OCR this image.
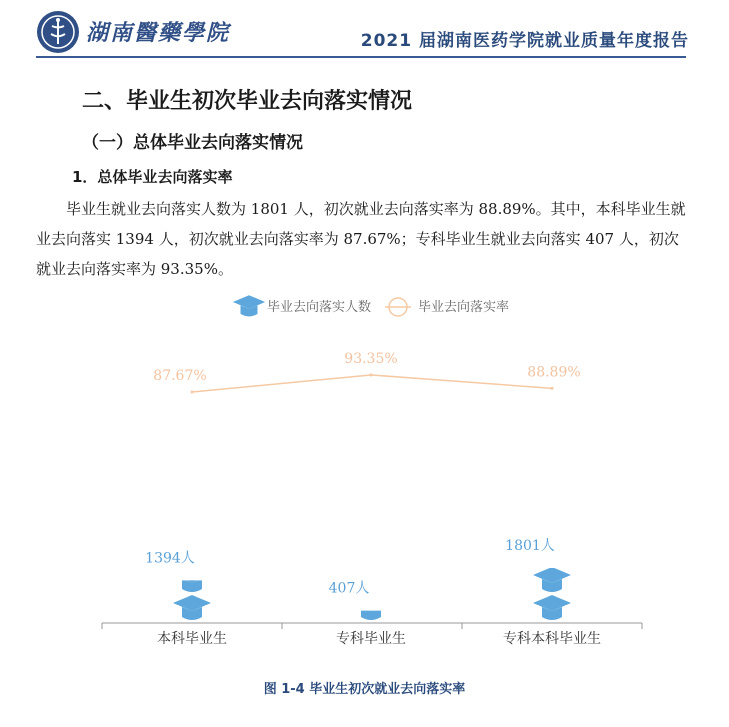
湖南醫藥學院	2021 届湖南医药学院就业质量年度报告
二、毕业生初次毕业去向落实情况
（一）总体毕业去向落实情况
1．总体毕业去向落实率
毕业生就业去向落实人数为 1801 人，初次就业去向落实率为 88.89%。其中，本科毕业生就业去向落实 1394 人，初次就业去向落实率为 87.67%；专科毕业生就业去向落实 407 人，初次就业去向落实率为 93.35%。
毕业去向落实人数	毕业去向落实率
本科毕业生	专科毕业生	专科本科毕业生
1394人
407人
1801人
87.67%
93.35%
88.89%
图 1-4 毕业生初次就业去向落实率
